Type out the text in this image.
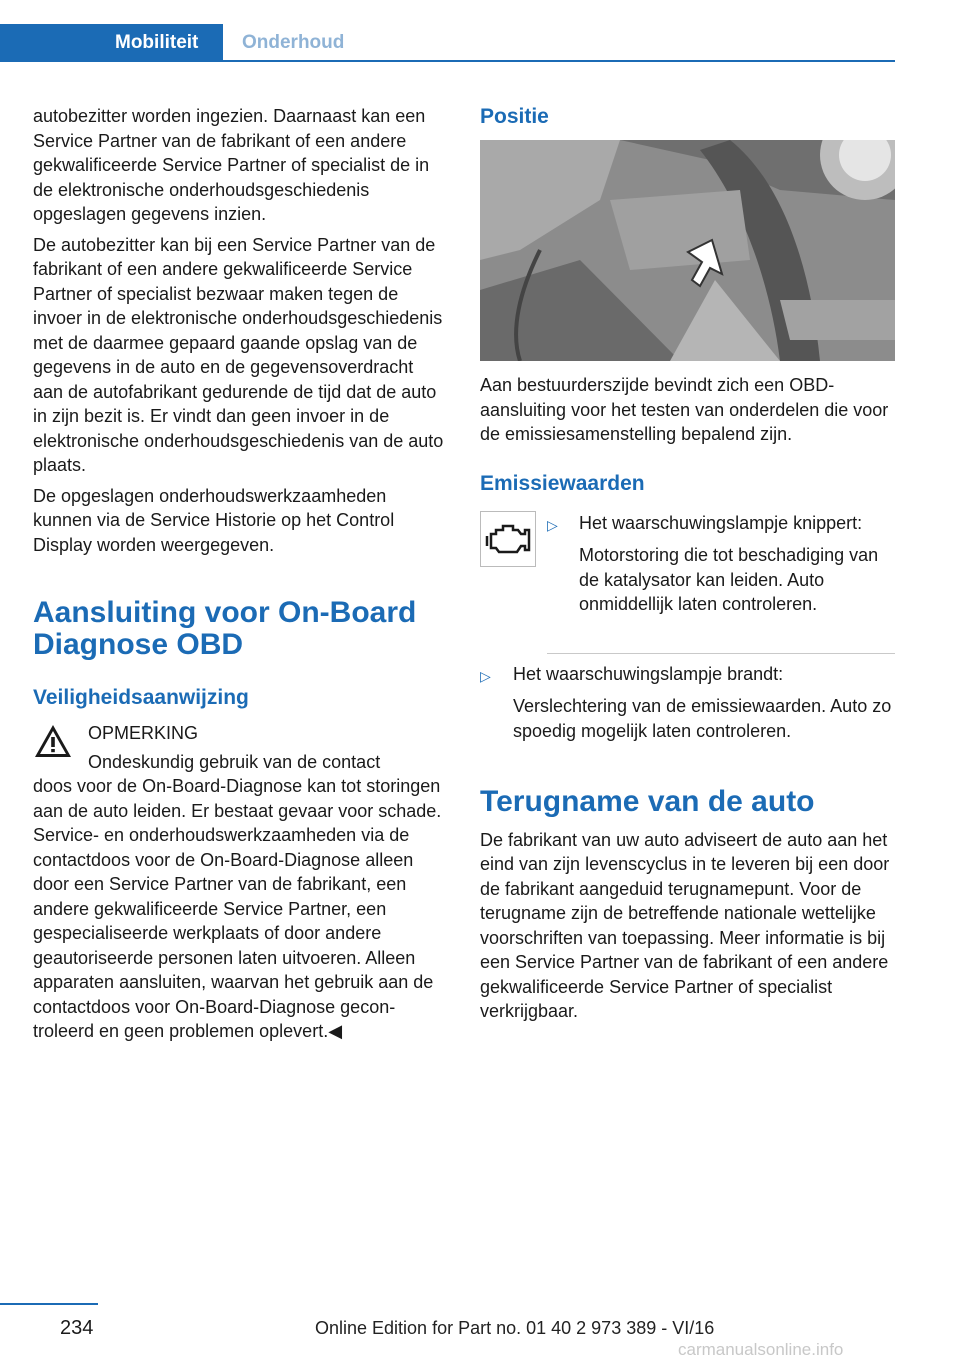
Mobiliteit	Onderhoud

autobezitter worden ingezien. Daarnaast kan een Service Partner van de fabrikant of een andere gekwalificeerde Service Partner of specialist de in de elektronische onderhoudsgeschiedenis opgeslagen gegevens inzien.

De autobezitter kan bij een Service Partner van de fabrikant of een andere gekwalificeerde Service Partner of specialist bezwaar maken tegen de invoer in de elektronische onderhoudsgeschiedenis met de daarmee gepaard gaande opslag van de gegevens in de auto en de gegevensoverdracht aan de autofabrikant gedurende de tijd dat de auto in zijn bezit is. Er vindt dan geen invoer in de elektronische onderhoudsgeschiedenis van de auto plaats.

De opgeslagen onderhoudswerkzaamheden kunnen via de Service Historie op het Control Display worden weergegeven.

Aansluiting voor On-Board Diagnose OBD
Veiligheidsaanwijzing
OPMERKING
Ondeskundig gebruik van de contact
doos voor de On-Board-Diagnose kan tot storingen aan de auto leiden. Er bestaat gevaar voor schade. Service- en onderhoudswerkzaamheden via de contactdoos voor de On-Board-Diagnose alleen door een Service Partner van de fabrikant, een andere gekwalificeerde Service Partner, een gespecialiseerde werkplaats of door andere geautoriseerde personen laten uitvoeren. Alleen apparaten aansluiten, waarvan het gebruik aan de contactdoos voor On-Board-Diagnose gecontroleerd en geen problemen oplevert.◀
Positie

Aan bestuurderszijde bevindt zich een OBD-aansluiting voor het testen van onderdelen die voor de emissiesamenstelling bepalend zijn.

Emissiewaarden
▷ Het waarschuwingslampje knippert:
Motorstoring die tot beschadiging van de katalysator kan leiden. Auto onmiddellijk laten controleren.
▷ Het waarschuwingslampje brandt:
Verslechtering van de emissiewaarden. Auto zo spoedig mogelijk laten controleren.
Terugname van de auto

De fabrikant van uw auto adviseert de auto aan het eind van zijn levenscyclus in te leveren bij een door de fabrikant aangeduid terugnamepunt. Voor de terugname zijn de betreffende nationale wettelijke voorschriften van toepassing. Meer informatie is bij een Service Partner van de fabrikant of een andere gekwalificeerde Service Partner of specialist verkrijgbaar.

234	Online Edition for Part no. 01 40 2 973 389 - VI/16
carmanualsonline.info
